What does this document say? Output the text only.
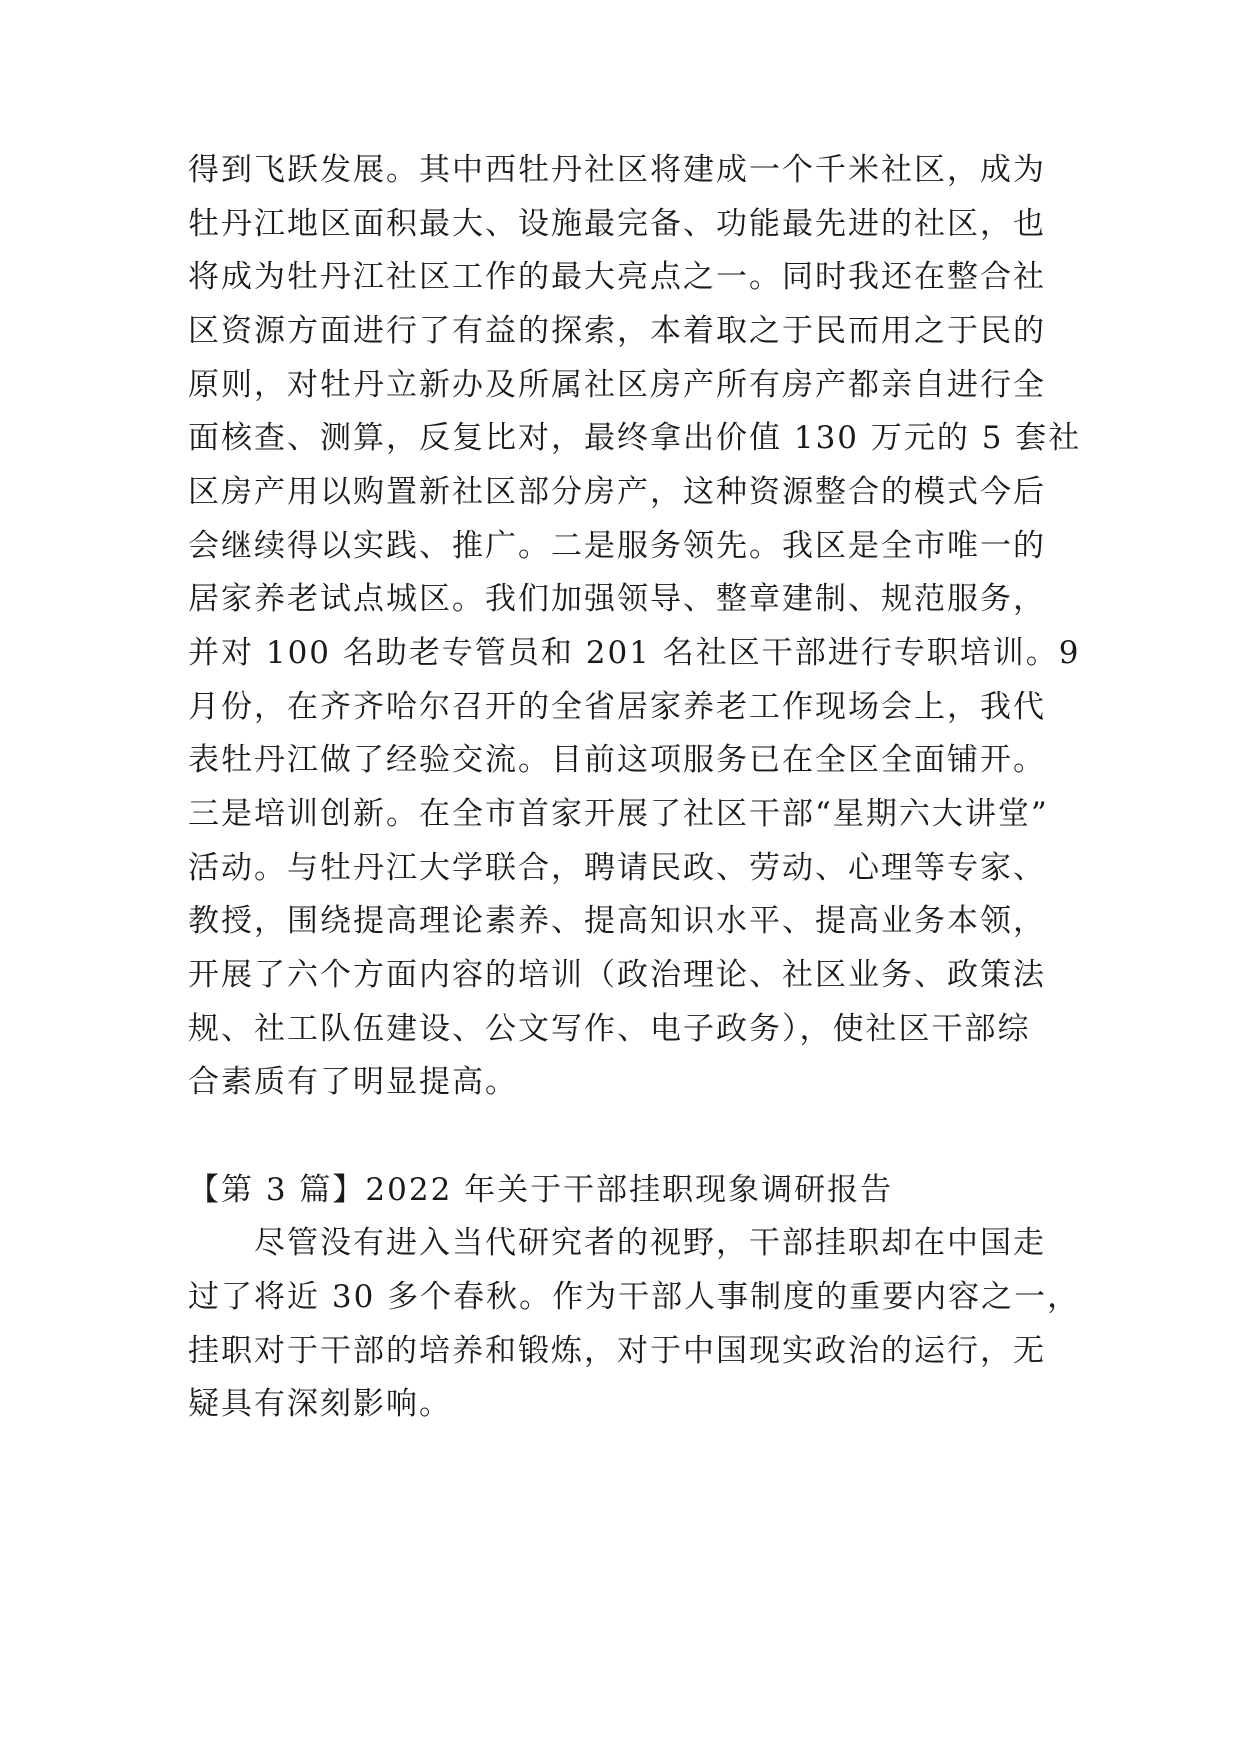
得到飞跃发展。其中西牡丹社区将建成一个千米社区，成为
牡丹江地区面积最大、设施最完备、功能最先进的社区，也
将成为牡丹江社区工作的最大亮点之一。同时我还在整合社
区资源方面进行了有益的探索，本着取之于民而用之于民的
原则，对牡丹立新办及所属社区房产所有房产都亲自进行全
面核查、测算，反复比对，最终拿出价值 130 万元的 5 套社
区房产用以购置新社区部分房产，这种资源整合的模式今后
会继续得以实践、推广。二是服务领先。我区是全市唯一的
居家养老试点城区。我们加强领导、整章建制、规范服务，
并对 100 名助老专管员和 201 名社区干部进行专职培训。9
月份，在齐齐哈尔召开的全省居家养老工作现场会上，我代
表牡丹江做了经验交流。目前这项服务已在全区全面铺开。
三是培训创新。在全市首家开展了社区干部“星期六大讲堂”
活动。与牡丹江大学联合，聘请民政、劳动、心理等专家、
教授，围绕提高理论素养、提高知识水平、提高业务本领，
开展了六个方面内容的培训（政治理论、社区业务、政策法
规、社工队伍建设、公文写作、电子政务），使社区干部综
合素质有了明显提高。
【第 3 篇】2022 年关于干部挂职现象调研报告
尽管没有进入当代研究者的视野，干部挂职却在中国走
过了将近 30 多个春秋。作为干部人事制度的重要内容之一，
挂职对于干部的培养和锻炼，对于中国现实政治的运行，无
疑具有深刻影响。
